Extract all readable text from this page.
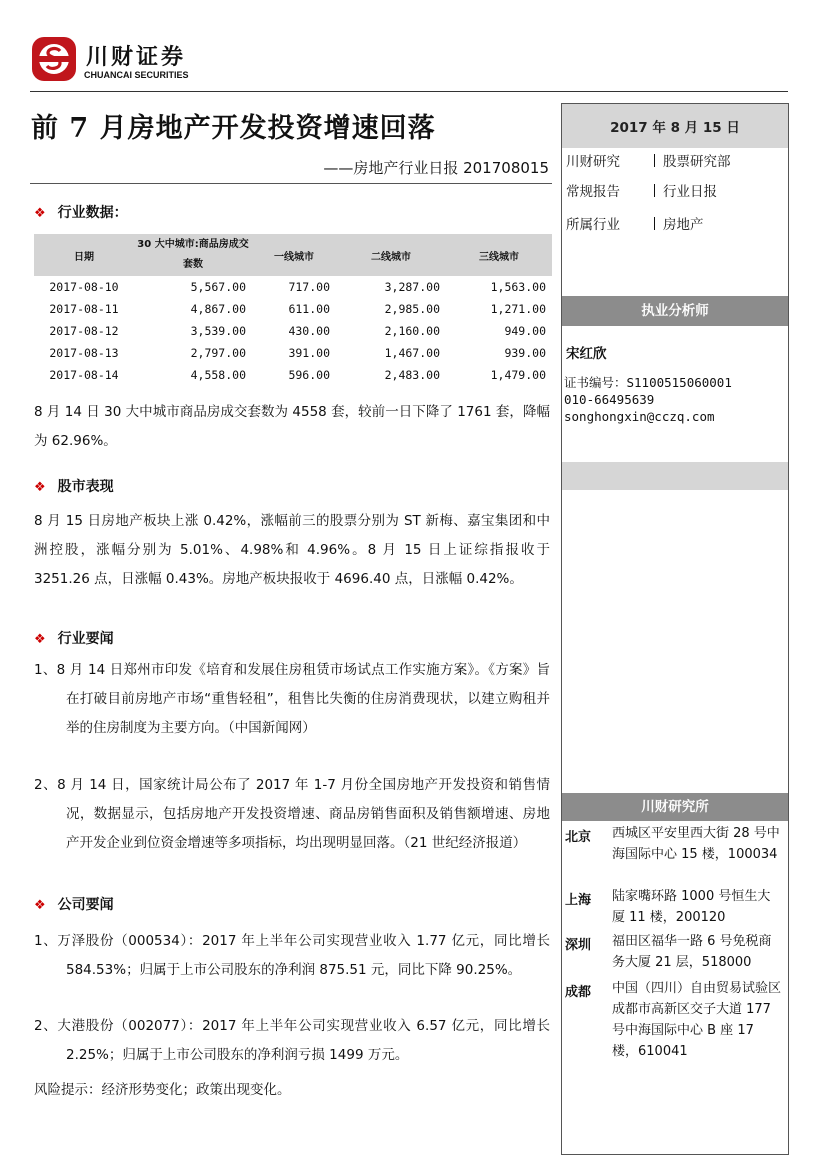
川财证券
CHUANCAI SECURITIES
前 7 月房地产开发投资增速回落
——房地产行业日报 201708015
❖ 行业数据：
日期	30 大中城市:商品房成交套数	一线城市	二线城市	三线城市
2017-08-10	5,567.00	717.00	3,287.00	1,563.00
2017-08-11	4,867.00	611.00	2,985.00	1,271.00
2017-08-12	3,539.00	430.00	2,160.00	949.00
2017-08-13	2,797.00	391.00	1,467.00	939.00
2017-08-14	4,558.00	596.00	2,483.00	1,479.00
8 月 14 日 30 大中城市商品房成交套数为 4558 套，较前一日下降了 1761 套，降幅为 62.96%。
❖ 股市表现
8 月 15 日房地产板块上涨 0.42%，涨幅前三的股票分别为 ST 新梅、嘉宝集团和中洲控股，涨幅分别为 5.01%、4.98%和 4.96%。8 月 15 日上证综指报收于 3251.26 点，日涨幅 0.43%。房地产板块报收于 4696.40 点，日涨幅 0.42%。
❖ 行业要闻
1、8 月 14 日郑州市印发《培育和发展住房租赁市场试点工作实施方案》。《方案》旨在打破目前房地产市场“重售轻租”，租售比失衡的住房消费现状，以建立购租并举的住房制度为主要方向。（中国新闻网）
2、8 月 14 日，国家统计局公布了 2017 年 1-7 月份全国房地产开发投资和销售情况，数据显示，包括房地产开发投资增速、商品房销售面积及销售额增速、房地产开发企业到位资金增速等多项指标，均出现明显回落。（21 世纪经济报道）
❖ 公司要闻
1、万泽股份（000534）：2017 年上半年公司实现营业收入 1.77 亿元，同比增长 584.53%；归属于上市公司股东的净利润 875.51 元，同比下降 90.25%。
2、大港股份（002077）：2017 年上半年公司实现营业收入 6.57 亿元，同比增长 2.25%；归属于上市公司股东的净利润亏损 1499 万元。
风险提示：经济形势变化；政策出现变化。
2017 年 8 月 15 日
川财研究	股票研究部
常规报告	行业日报
所属行业	房地产
执业分析师
宋红欣
证书编号：S1100515060001
010-66495639
songhongxin@cczq.com
川财研究所
北京 西城区平安里西大街 28 号中海国际中心 15 楼，100034
上海 陆家嘴环路 1000 号恒生大厦 11 楼，200120
深圳 福田区福华一路 6 号免税商务大厦 21 层，518000
成都 中国（四川）自由贸易试验区成都市高新区交子大道 177 号中海国际中心 B 座 17 楼，610041
